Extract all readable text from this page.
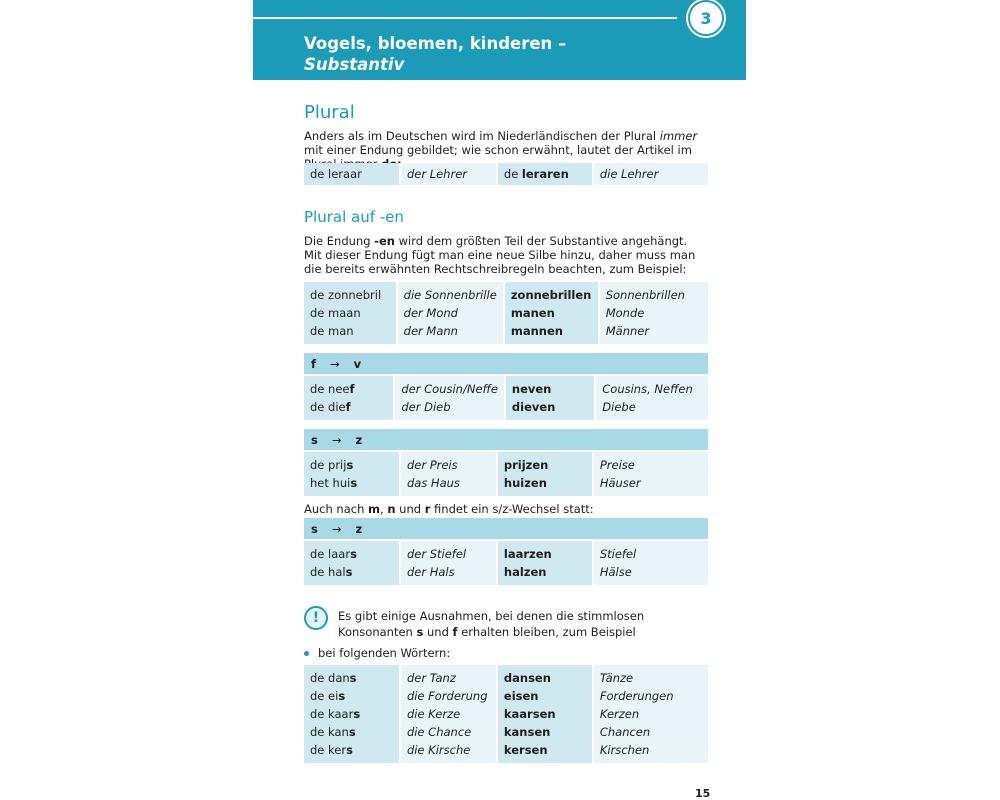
3
Vogels, bloemen, kinderen –
Substantiv
Plural

Anders als im Deutschen wird im Niederländischen der Plural immer mit einer Endung gebildet; wie schon erwähnt, lautet der Artikel im

de leraar	der Lehrer	de leraren	die Lehrer
Plural auf -en

Die Endung -en wird dem größten Teil der Substantive angehängt. Mit dieser Endung fügt man eine neue Silbe hinzu, daher muss man die bereits erwähnten Rechtschreibregeln beachten, zum Beispiel:

de zonnebril	die Sonnenbrille	zonnebrillen	Sonnenbrillen
de maan	der Mond	manen	Monde
de man	der Mann	mannen	Männer
f → v
de neef	der Cousin/Neffe	neven	Cousins, Neffen
de dief	der Dieb	dieven	Diebe
s → z
de prijs	der Preis	prijzen	Preise
het huis	das Haus	huizen	Häuser

Auch nach m, n und r findet ein s/z-Wechsel statt:

s → z
de laars	der Stiefel	laarzen	Stiefel
de hals	der Hals	halzen	Hälse
!	Es gibt einige Ausnahmen, bei denen die stimmlosen Konsonanten s und f erhalten bleiben, zum Beispiel
bei folgenden Wörtern:
de dans	der Tanz	dansen	Tänze
de eis	die Forderung	eisen	Forderungen
de kaars	die Kerze	kaarsen	Kerzen
de kans	die Chance	kansen	Chancen
de kers	die Kirsche	kersen	Kirschen
15
